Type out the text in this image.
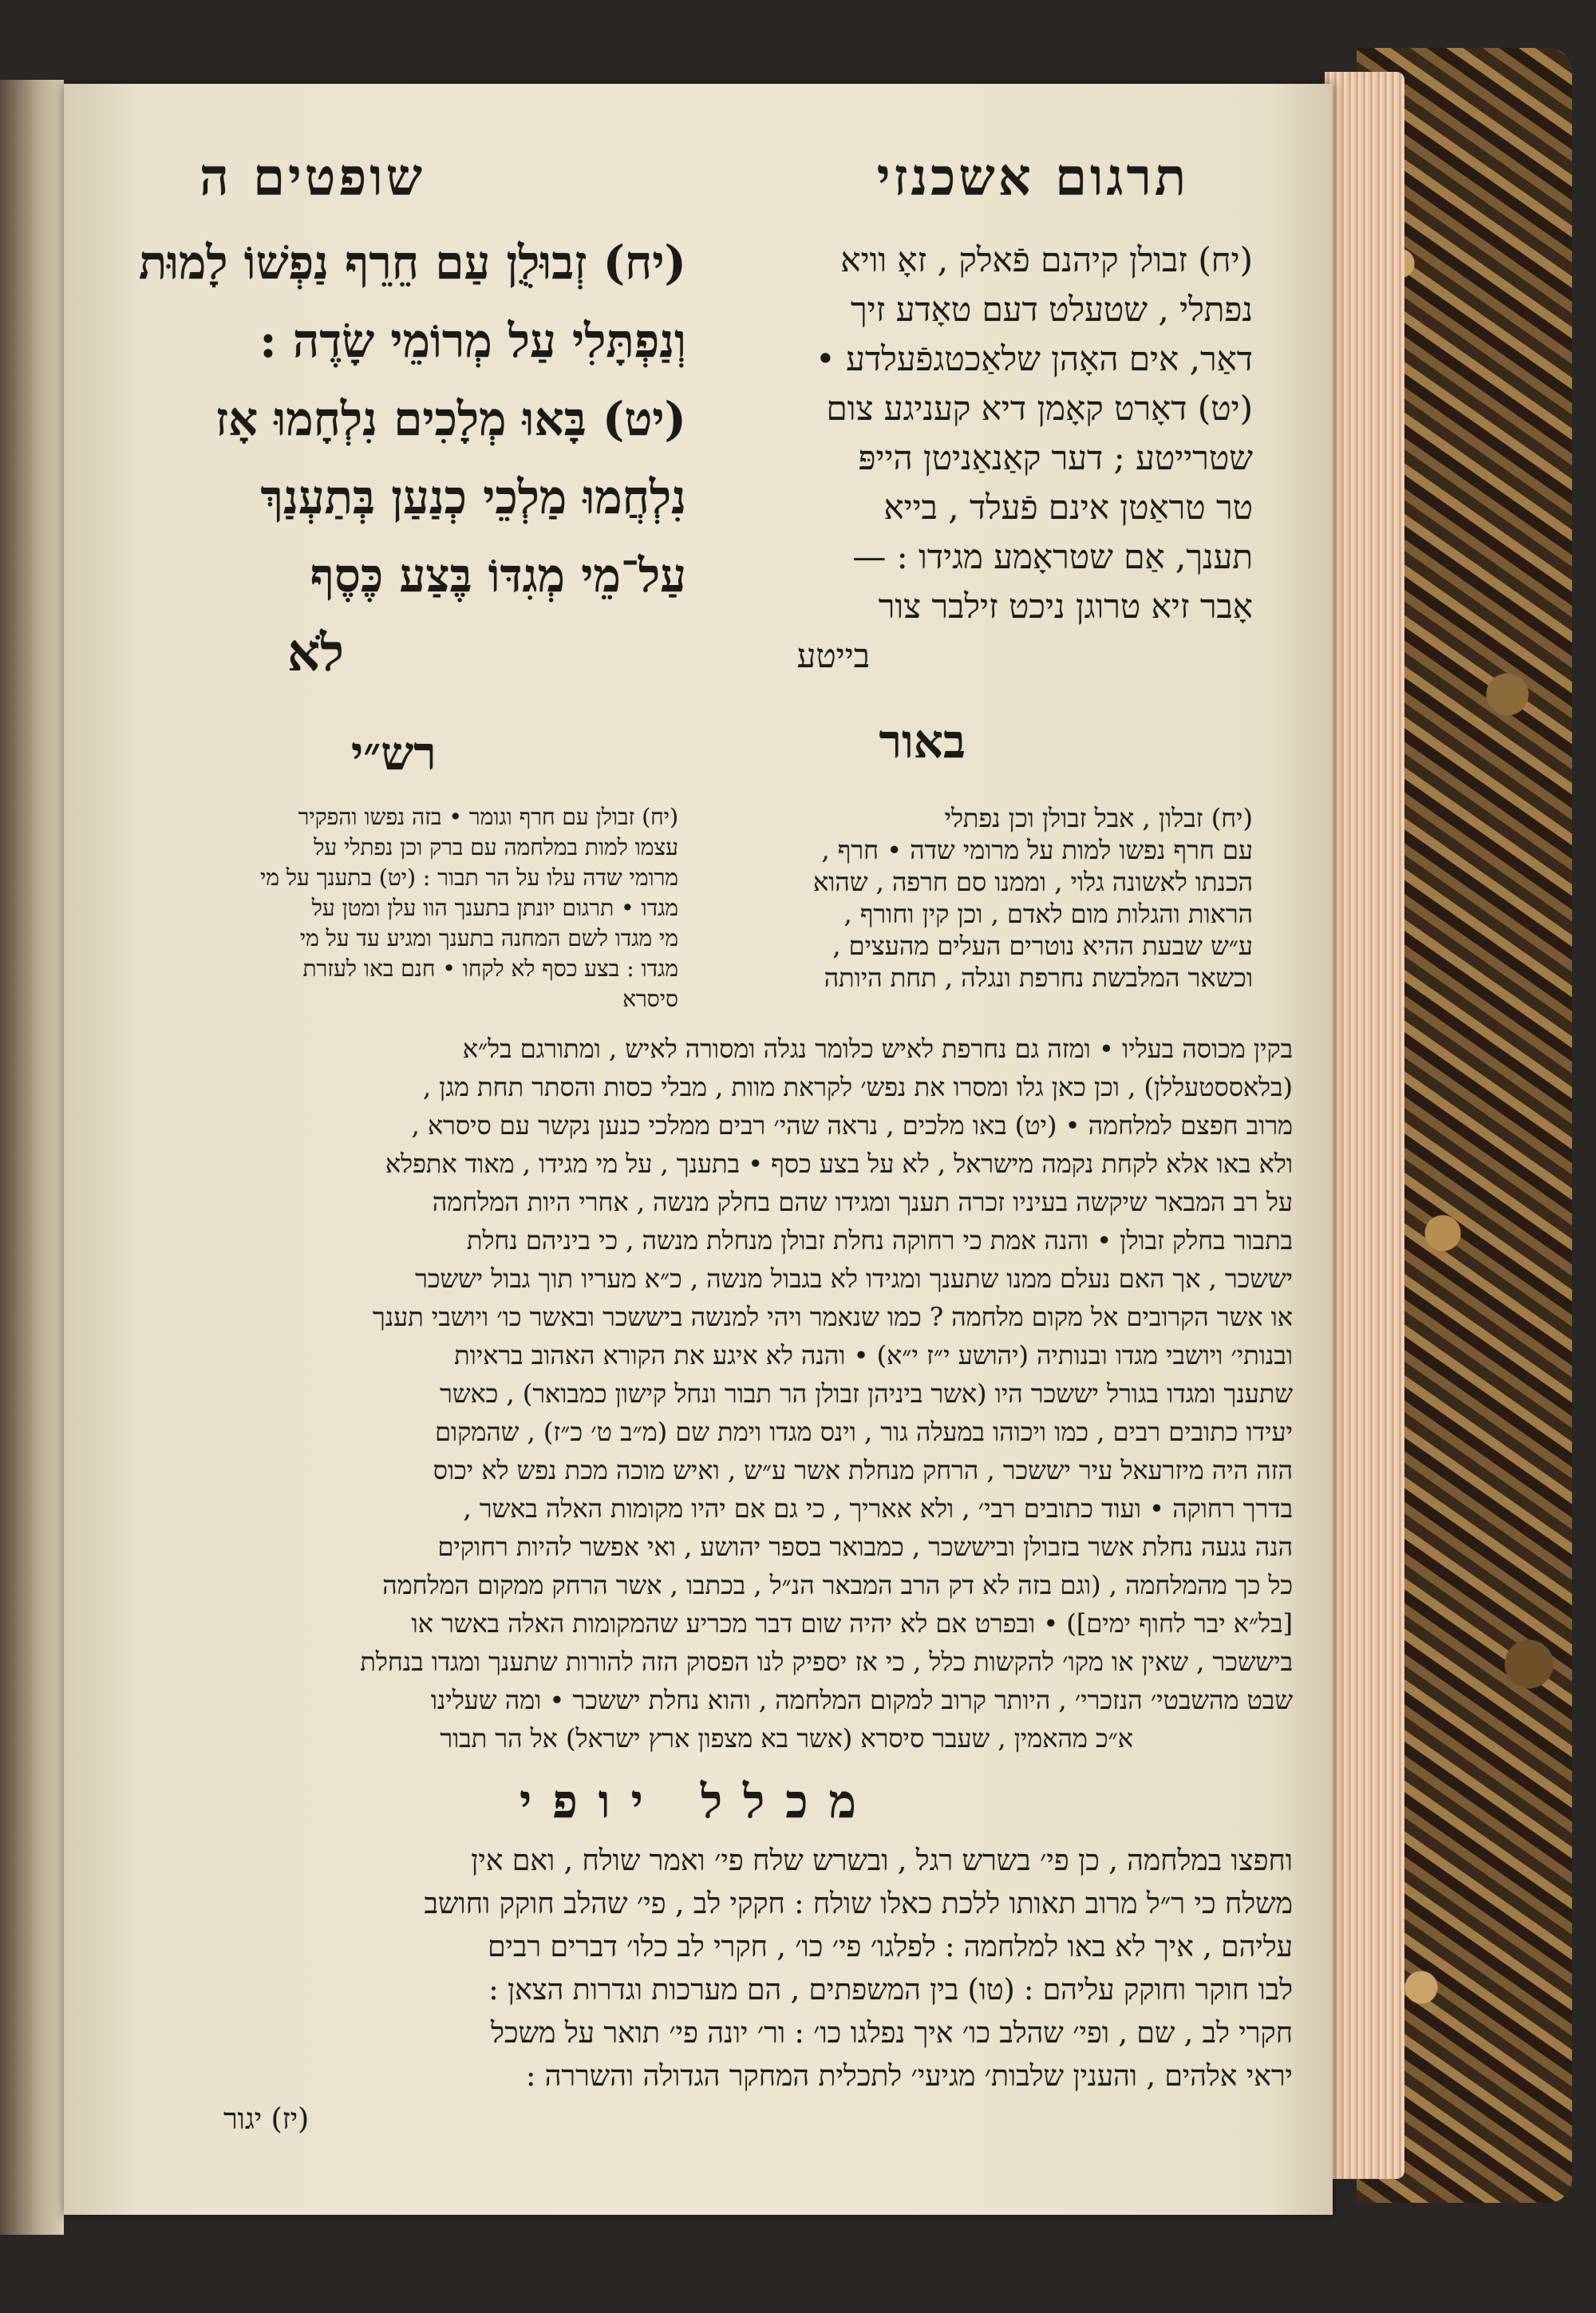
תרגום אשכנזי
שופטים ה
(יח) זבולן קיהנם פֿאלק , זאָ וויא
נפתלי , שטעלט דעם טאָדע זיך
דאַר, אים האָהן שלאַכטגפֿעלדע •
(יט) דאָרט קאָמן דיא קעניגע צום
שטרייטע ; דער קאַנאַניטן הייפּ
טר טראַטן אינם פֿעלד , בייא
תענך, אַם שטראָמע מגידו : —
אָבר זיא טרוגן ניכט זילבר צור
בייטע
(יח) זְבוּלֻן עַם חֵרֵף נַפְשׁוֹ לָמוּת
וְנַפְתָּלִי עַל מְרוֹמֵי שָׂדֶה :
(יט) בָּאוּ מְלָכִים נִלְחָמוּ אָז
נִלְחֲמוּ מַלְכֵי כְנַעַן בְּתַעְנַךְ
עַל־מֵי מְגִדּוֹ בֶּצַע כֶּסֶף
לֹא
באור
רש״י
(יח) זבלון , אבל זבולן וכן נפתלי
עם חרף נפשו למות על מרומי שדה • חרף ,
הכנתו לאשונה גלוי , וממנו סם חרפה , שהוא
הראות והגלות מום לאדם , וכן קין וחורף ,
ע״ש שבעת ההיא נוטרים העלים מהעצים ,
וכשאר המלבשת נחרפת ונגלה , תחת היותה
(יח) זבולן עם חרף וגומר • בזה נפשו והפקיר
עצמו למות במלחמה עם ברק וכן נפתלי על
מרומי שדה עלו על הר תבור : (יט) בתענך על מי
מגדו • תרגום יונתן בתענך הוו עלן ומטן על
מי מגדו לשם המחנה בתענך ומגיע עד על מי
מגדו : בצע כסף לא לקחו • חנם באו לעזרת
סיסרא
בקין מכוסה בעליו • ומזה גם נחרפת לאיש כלומר נגלה ומסורה לאיש , ומתורגם בל״א
(בלאססטעללן) , וכן כאן גלו ומסרו את נפש׳ לקראת מוות , מבלי כסות והסתר תחת מגן ,
מרוב חפצם למלחמה • (יט) באו מלכים , נראה שהי׳ רבים ממלכי כנען נקשר עם סיסרא ,
ולא באו אלא לקחת נקמה מישראל , לא על בצע כסף • בתענך , על מי מגידו , מאוד אתפלא
על רב המבאר שיקשה בעיניו זכרה תענך ומגידו שהם בחלק מנשה , אחרי היות המלחמה
בתבור בחלק זבולן • והנה אמת כי רחוקה נחלת זבולן מנחלת מנשה , כי ביניהם נחלת
יששכר , אך האם נעלם ממנו שתענך ומגידו לא בגבול מנשה , כ״א מעריו תוך גבול יששכר
או אשר הקרובים אל מקום מלחמה ? כמו שנאמר ויהי למנשה ביששכר ובאשר כו׳ ויושבי תענך
ובנותי׳ ויושבי מגדו ובנותיה (יהושע י״ז י״א) • והנה לא איגע את הקורא האהוב בראיות
שתענך ומגדו בגורל יששכר היו (אשר ביניהן זבולן הר תבור ונחל קישון כמבואר) , כאשר
יעידו כתובים רבים , כמו ויכוהו במעלה גור , וינס מגדו וימת שם (מ״ב ט׳ כ״ז) , שהמקום
הזה היה מיזרעאל עיר יששכר , הרחק מנחלת אשר ע״ש , ואיש מוכה מכת נפש לא יכוס
בדרך רחוקה • ועוד כתובים רבי׳ , ולא אאריך , כי גם אם יהיו מקומות האלה באשר ,
הנה נגעה נחלת אשר בזבולן וביששכר , כמבואר בספר יהושע , ואי אפשר להיות רחוקים
כל כך מהמלחמה , (וגם בזה לא דק הרב המבאר הנ״ל , בכתבו , אשר הרחק ממקום המלחמה
[בל״א יבר לחוף ימים]) • ובפרט אם לא יהיה שום דבר מכריע שהמקומות האלה באשר או
ביששכר , שאין או מקו׳ להקשות כלל , כי אז יספיק לנו הפסוק הזה להורות שתענך ומגדו בנחלת
שבט מהשבטי׳ הנזכרי׳ , היותר קרוב למקום המלחמה , והוא נחלת יששכר • ומה שעלינו
א״כ מהאמין , שעבר סיסרא (אשר בא מצפון ארץ ישראל) אל הר תבור
מכלל יופי
וחפצו במלחמה , כן פי׳ בשרש רגל , ובשרש שלח פי׳ ואמר שולח , ואם אין
משלח כי ר״ל מרוב תאותו ללכת כאלו שולח : חקקי לב , פי׳ שהלב חוקק וחושב
עליהם , איך לא באו למלחמה : לפלגו׳ פי׳ כו׳ , חקרי לב כלו׳ דברים רבים
לבו חוקר וחוקק עליהם : (טו) בין המשפתים , הם מערכות וגדרות הצאן :
חקרי לב , שם , ופי׳ שהלב כו׳ איך נפלגו כו׳ : ור׳ יונה פי׳ תואר על משכל
יראי אלהים , והענין שלבות׳ מגיעי׳ לתכלית המחקר הגדולה והשררה :
(יז) יגור
